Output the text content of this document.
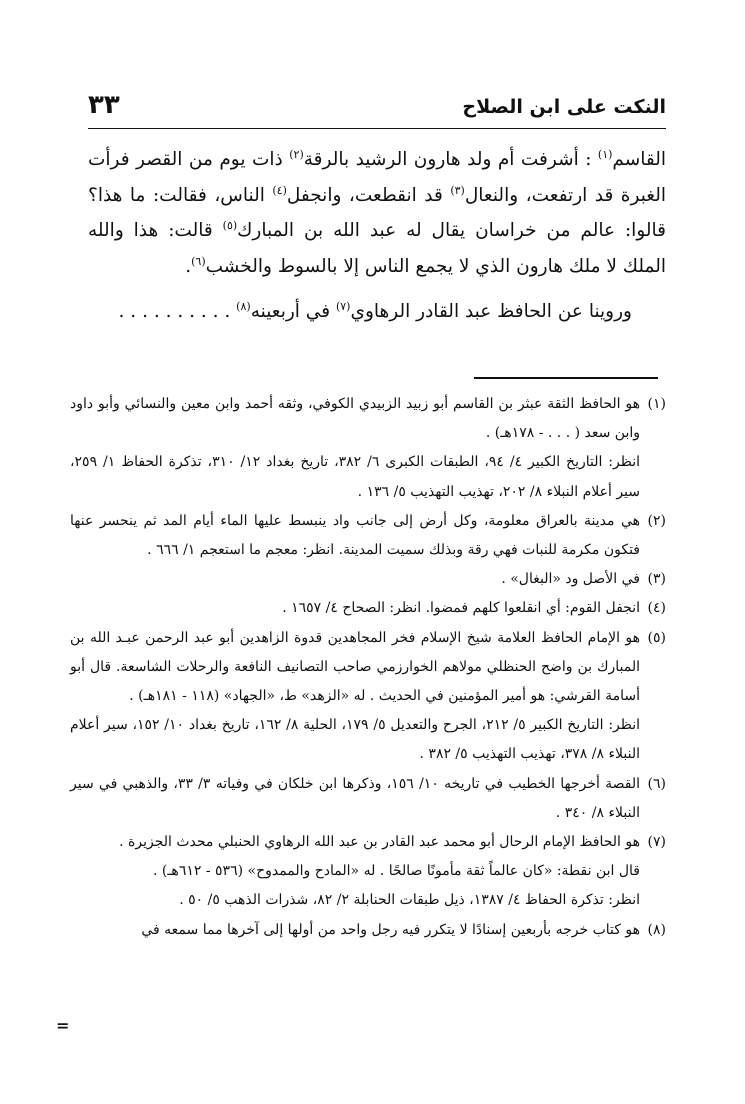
النكت على ابن الصلاح
٣٣

القاسم$^{(١)}$ : أشرفت أم ولد هارون الرشيد بالرقة$^{(٢)}$ ذات يوم من القصر فرأت الغبرة قد ارتفعت، والنعال$^{(٣)}$ قد انقطعت، وانجفل$^{(٤)}$ الناس، فقالت: ما هذا؟ قالوا: عالم من خراسان يقال له عبد الله بن المبارك$^{(٥)}$ قالت: هذا والله الملك لا ملك هارون الذي لا يجمع الناس إلا بالسوط والخشب$^{(٦)}$.

وروينا عن الحافظ عبد القادر الرهاوي$^{(٧)}$ في أربعينه$^{(٨)}$ . . . . . . . . . .

(١)

هو الحافظ الثقة عبثر بن القاسم أبو زبيد الزبيدي الكوفي، وثقه أحمد وابن معين والنسائي وأبو داود وابن سعد ( . . . - ١٧٨هـ) .

انظر: التاريخ الكبير ٤/ ٩٤، الطبقات الكبرى ٦/ ٣٨٢، تاريخ بغداد ١٢/ ٣١٠، تذكرة الحفاظ ١/ ٢٥٩، سير أعلام النبلاء ٨/ ٢٠٢، تهذيب التهذيب ٥/ ١٣٦ .

(٢)

هي مدينة بالعراق معلومة، وكل أرض إلى جانب واد ينبسط عليها الماء أيام المد ثم ينحسر عنها فتكون مكرمة للنبات فهي رقة وبذلك سميت المدينة. انظر: معجم ما استعجم ١/ ٦٦٦ .

(٣)

في الأصل ود «البغال» .

(٤)

انجفل القوم: أي انقلعوا كلهم فمضوا. انظر: الصحاح ٤/ ١٦٥٧ .

(٥)

هو الإمام الحافظ العلامة شيخ الإسلام فخر المجاهدين قدوة الزاهدين أبو عبد الرحمن عبـد الله بن المبارك بن واضح الحنظلي مولاهم الخوارزمي صاحب التصانيف النافعة والرحلات الشاسعة. قال أبو أسامة القرشي: هو أمير المؤمنين في الحديث . له «الزهد» ط، «الجهاد» (١١٨ - ١٨١هـ) .

انظر: التاريخ الكبير ٥/ ٢١٢، الجرح والتعديل ٥/ ١٧٩، الحلية ٨/ ١٦٢، تاريخ بغداد ١٠/ ١٥٢، سير أعلام النبلاء ٨/ ٣٧٨، تهذيب التهذيب ٥/ ٣٨٢ .

(٦)

القصة أخرجها الخطيب في تاريخه ١٠/ ١٥٦، وذكرها ابن خلكان في وفياته ٣/ ٣٣، والذهبي في سير النبلاء ٨/ ٣٤٠ .

(٧)

هو الحافظ الإمام الرحال أبو محمد عبد القادر بن عبد الله الرهاوي الحنبلي محدث الجزيرة .

قال ابن نقطة: «كان عالماً ثقة مأمونًا صالحًا . له «المادح والممدوح» (٥٣٦ - ٦١٢هـ) .

انظر: تذكرة الحفاظ ٤/ ١٣٨٧، ذيل طبقات الحنابلة ٢/ ٨٢، شذرات الذهب ٥/ ٥٠ .

(٨)

هو كتاب خرجه بأربعين إسنادًا لا يتكرر فيه رجل واحد من أولها إلى آخرها مما سمعه في

=
